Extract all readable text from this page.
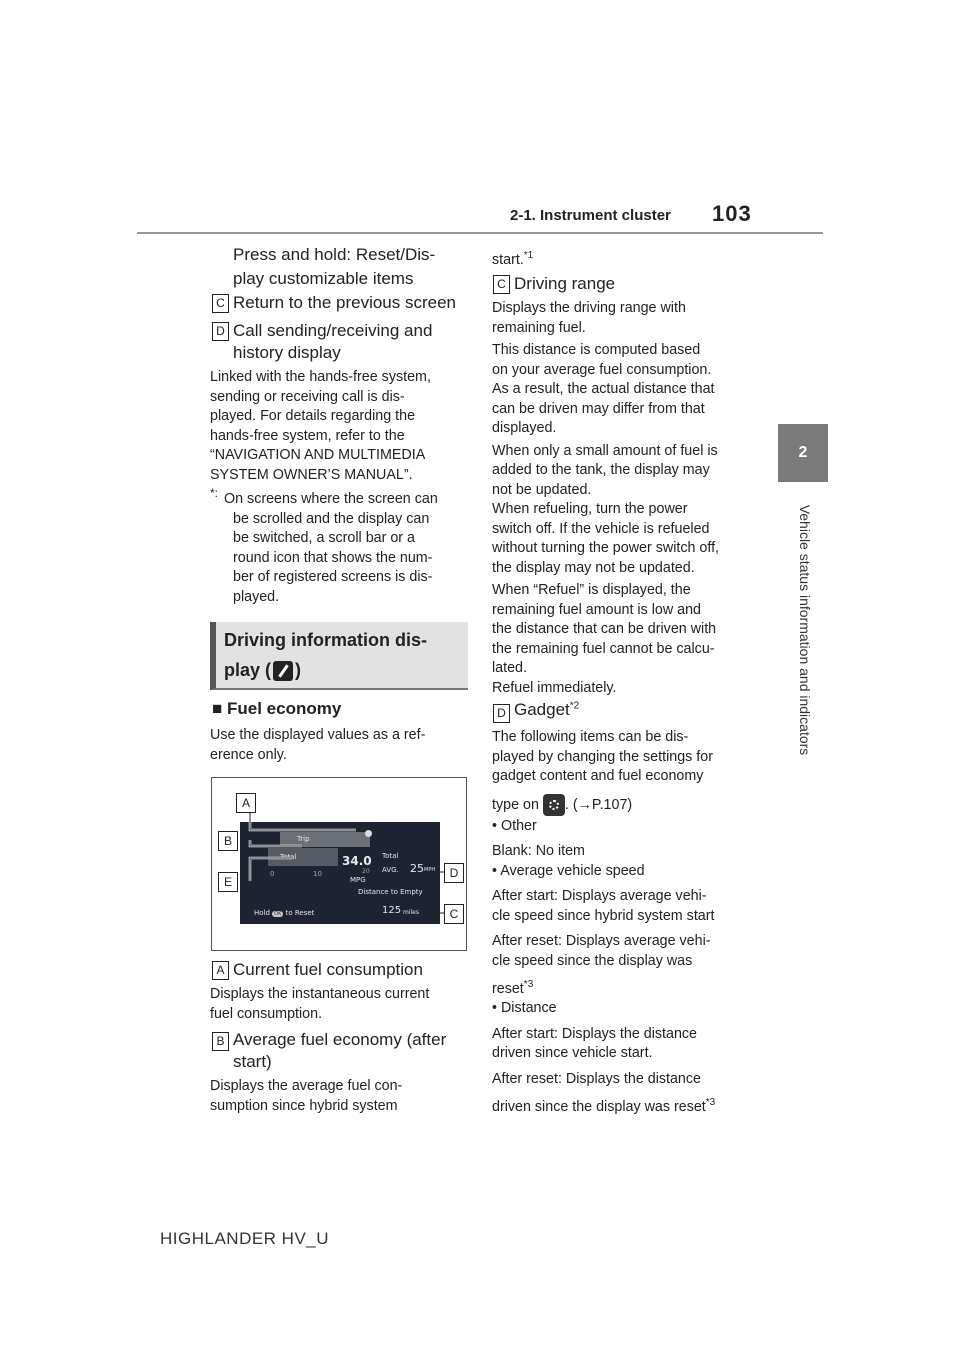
2-1. Instrument cluster 103
2
Vehicle status information and indicators

Press and hold: Reset/Dis-

play customizable items

C Return to the previous screen

D Call sending/receiving and

history display

Linked with the hands-free system,

sending or receiving call is dis-

played. For details regarding the

hands-free system, refer to the

“NAVIGATION AND MULTIMEDIA

SYSTEM OWNER’S MANUAL”.

*: On screens where the screen can

be scrolled and the display can

be switched, a scroll bar or a

round icon that shows the num-

ber of registered screens is dis-

played.

Driving information dis-
play ( )
■ Fuel economy

Use the displayed values as a ref-

erence only.

Trip
Total	34.0
AVG.
Total
25 MPH
MPG
0	10	20
Distance to Empty
Hold OK to Reset	125 miles
A
B
E
D
C
A Current fuel consumption

Displays the instantaneous current

fuel consumption.

B Average fuel economy (after

start)

Displays the average fuel con-

sumption since hybrid system

start.$^{*1}$
C Driving range

Displays the driving range with

remaining fuel.

This distance is computed based

on your average fuel consumption.

As a result, the actual distance that

can be driven may differ from that

displayed.

When only a small amount of fuel is

added to the tank, the display may

not be updated.

When refueling, turn the power

switch off. If the vehicle is refueled

without turning the power switch off,

the display may not be updated.

When “Refuel” is displayed, the

remaining fuel amount is low and

the distance that can be driven with

the remaining fuel cannot be calcu-

lated.

Refuel immediately.

D Gadget$^{*2}$

The following items can be dis-

played by changing the settings for

gadget content and fuel economy

type on . (→P.107)

• Other

Blank: No item

• Average vehicle speed

After start: Displays average vehi-

cle speed since hybrid system start

After reset: Displays average vehi-

cle speed since the display was

reset$^{*3}$

• Distance

After start: Displays the distance

driven since vehicle start.

After reset: Displays the distance

driven since the display was reset$^{*3}$

HIGHLANDER HV_U
